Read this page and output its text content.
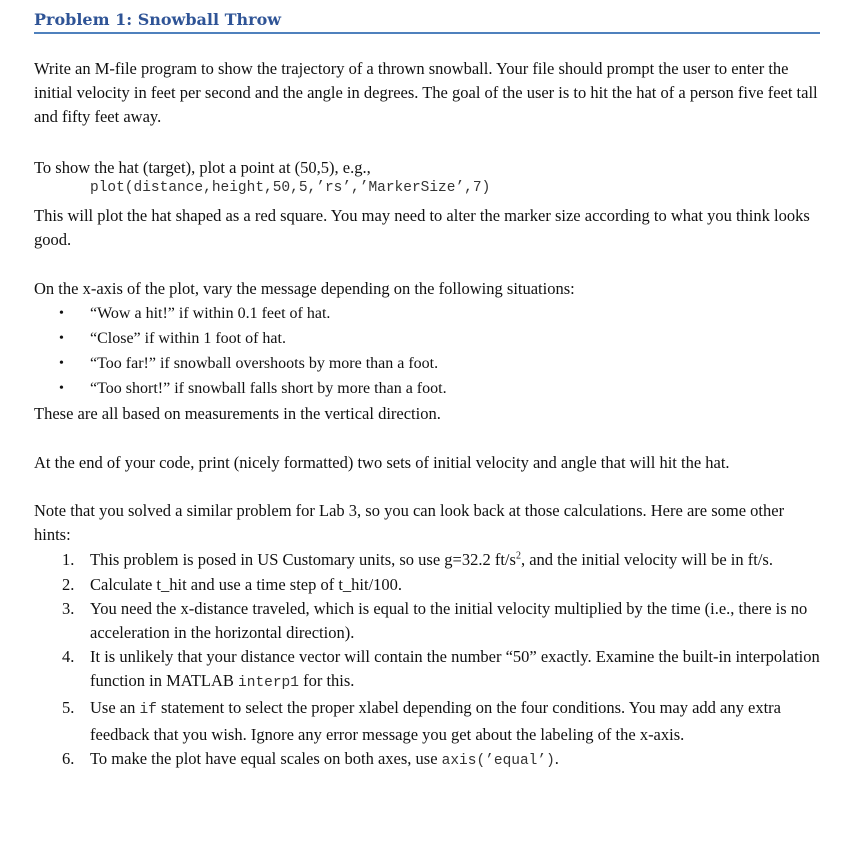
Problem 1: Snowball Throw

Write an M-file program to show the trajectory of a thrown snowball. Your file should prompt the user to enter the initial velocity in feet per second and the angle in degrees. The goal of the user is to hit the hat of a person five feet tall and fifty feet away.

To show the hat (target), plot a point at (50,5), e.g.,

plot(distance,height,50,5,’rs’,’MarkerSize’,7)

This will plot the hat shaped as a red square. You may need to alter the marker size according to what you think looks good.

On the x-axis of the plot, vary the message depending on the following situations:

• “Wow a hit!” if within 0.1 feet of hat.
• “Close” if within 1 foot of hat.
• “Too far!” if snowball overshoots by more than a foot.
• “Too short!” if snowball falls short by more than a foot.

These are all based on measurements in the vertical direction.

At the end of your code, print (nicely formatted) two sets of initial velocity and angle that will hit the hat.

Note that you solved a similar problem for Lab 3, so you can look back at those calculations. Here are some other hints:

1. This problem is posed in US Customary units, so use g=32.2 $ft/s^2$, and the initial velocity will be in ft/s.
2. Calculate t_hit and use a time step of t_hit/100.
3. You need the x-distance traveled, which is equal to the initial velocity multiplied by the time (i.e., there is no acceleration in the horizontal direction).
4. It is unlikely that your distance vector will contain the number “50” exactly. Examine the built-in interpolation function in MATLAB interp1 for this.
5. Use an if statement to select the proper xlabel depending on the four conditions. You may add any extra feedback that you wish. Ignore any error message you get about the labeling of the x-axis.
6. To make the plot have equal scales on both axes, use axis(’equal’).
